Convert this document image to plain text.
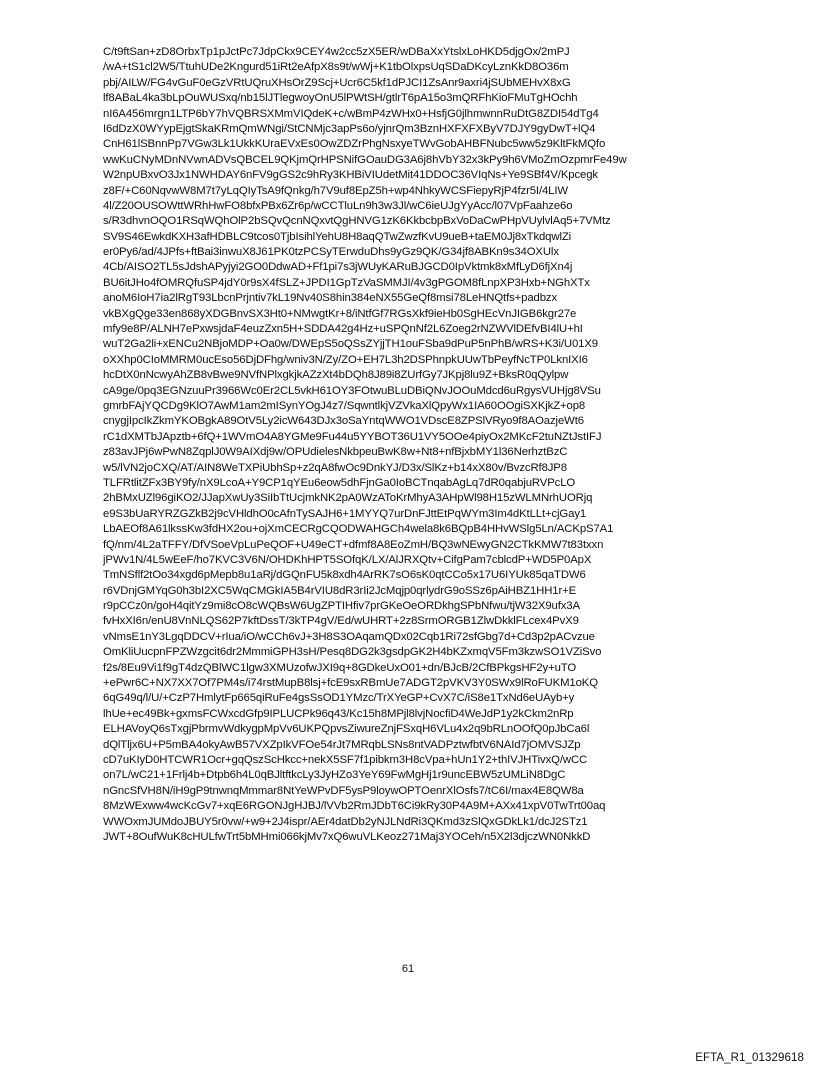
C/t9ftSan+zD8OrbxTp1pJctPc7JdpCkx9CEY4w2cc5zX5ER/wDBaXxYtslxLoHKD5djgOx/2mPJ
/wA+tS1cl2W5/TtuhUDe2Kngurd51iRt2eAfpX8s9t/wWj+K1tbOlxpsUqSDaDKcyLznKkD8O36m
pbj/AILW/FG4vGuF0eGzVRtUQruXHsOrZ9Scj+Ucr6C5kf1dPJCI1ZsAnr9axri4jSUbMEHvX8xG
lf8ABaL4ka3bLpOuWUSxq/nb15lJTlegwoyOnU5lPWtSH/gtlrT6pA15o3mQRFhKioFMuTgHOchh
nI6A456mrgn1LTP6bY7hVQBRSXMmVIQdeK+c/wBmP4zWHx0+HsfjG0jlhmwnnRuDtG8ZDI54dTg4
I6dDzX0WYypEjgtSkaKRmQmWNgi/StCNMjc3apPs6o/yjnrQm3BznHXFXFXByV7DJY9gyDwT+lQ4
CnH61lSBnnPp7VGw3Lk1UkkKUraEVxEs0OwZDZrPhgNsxyeTWvGobAHBFNubc5ww5z9KltFkMQfo
wwKuCNyMDnNVwnADVsQBCEL9QKjmQrHPSNifGOauDG3A6j8hVbY32x3kPy9h6VMoZmOzpmrFe49w
W2npUBxvO3Jx1NWHDAY6nFV9gGS2c9hRy3KHBiVIUdetMit41DDOC36VIqNs+Ye9SBf4V/Kpcegk
z8F/+C60NqvwW8M7t7yLqQIyTsA9fQnkg/h7V9uf8EpZ5h+wp4NhkyWCSFiepyRjP4fzr5I/4LIW
4l/Z20OUSOWttWRhHwFO8bfxPBx6Zr6p/wCCTluLn9h3w3Jl/wC6ieUJgYyAcc/l07VpFaahze6o
s/R3dhvnOQO1RSqWQhOlP2bSQvQcnNQxvtQgHNVG1zK6KkbcbpBxVoDaCwPHpVUylvlAq5+7VMtz
SV9S46EwkdKXH3afHDBLC9tcos0TjbIsihlYehU8H8aqQTwZwzfKvU9ueB+taEM0Jj8xTkdqwlZi
er0Py6/ad/4JPfs+ftBai3inwuX8J61PK0tzPCSyTErwduDhs9yGz9QK/G34jf8ABKn9s34OXUlx
4Cb/AISO2TL5sJdshAPyjyi2GO0DdwAD+Ff1pi7s3jWUyKARuBJGCD0IpVktmk8xMfLyD6fjXn4j
BU6itJHo4fOMRQfuSP4jdY0r9sX4fSLZ+JPDI1GpTzVaSMMJI/4v3gPGOM8fLnpXP3Hxb+NGhXTx
anoM6IoH7ia2lRgT93LbcnPrjntiv7kL19Nv40S8hin384eNX55GeQf8msi78LeHNQtfs+padbzx
vkBXgQge33en868yXDGBnvSX3Ht0+NMwgtKr+8/iNtfGf7RGsXkf9ieHb0SgHEcVnJIGB6kgr27e
mfy9e8P/ALNH7ePxwsjdaF4euzZxn5H+SDDA42g4Hz+uSPQnNf2L6Zoeg2rNZWVlDEfvBI4lU+hI
wuT2Ga2li+xENCu2NBjoMDP+Oa0w/DWEpS5oQSsZYjjTH1ouFSba9dPuP5nPhB/wRS+K3i/U01X9
oXXhp0CIoMMRM0ucEso56DjDFhg/wniv3N/Zy/ZO+EH7L3h2DSPhnpkUUwTbPeyfNcTP0LknIXI6
hcDtX0nNcwyAhZB8vBwe9NVfNPlxgkjkAZzXt4bDQh8J89i8ZUrfGy7JKpj8lu9Z+BksR0qQylpw
cA9ge/0pq3EGNzuuPr3966Wc0Er2CL5vkH61OY3FOtwuBLuDBiQNvJOOuMdcd6uRgysVUHjg8VSu
gmrbFAjYQCDg9KlO7AwM1am2mISynYOgJ4z7/SqwntlkjVZVkaXlQpyWx1IA60OOgiSXKjkZ+op8
cnygjIpcIkZkmYKOBgkA89OtV5Ly2icW643DJx3oSaYntqWWO1VDscE8ZPSlVRyo9f8AOazjeWt6
rC1dXMTbJApztb+6fQ+1WVmO4A8YGMe9Fu44u5YYBOT36U1VY5OOe4piyOx2MKcF2tuNZtJstIFJ
z83avJPj6wPwN8ZqplJ0W9AIXdj9w/OPUdielesNkbpeuBwK8w+Nt8+nfBjxbMY1l36NerhztBzC
w5/lVN2joCXQ/AT/AIN8WeTXPiUbhSp+z2qA8fwOc9DnkYJ/D3x/SlKz+b14xX80v/BvzcRf8JP8
TLFRtlitZFx3BY9fy/nX9LcoA+Y9CP1qYEu6eow5dhFjnGa0IoBCTnqabAgLq7dR0qabjuRVPcLO
2hBMxUZl96giKO2/JJapXwUy3SiIbTtUcjmkNK2pA0WzAToKrMhyA3AHpWl98H15zWLMNrhUORjq
e9S3bUaRYRZGZkB2j9cVHldhO0cAfnTySAJH6+1MYYQ7urDnFJttEtPqWYm3Im4dKtLLt+cjGay1
LbAEOf8A61lkssKw3fdHX2ou+ojXmCECRgCQODWAHGCh4wela8k6BQpB4HHvWSlg5Ln/ACKpS7A1
fQ/nm/4L2aTFFY/DfVSoeVpLuPeQOF+U49eCT+dfmf8A8EoZmH/BQ3wNEwyGN2CTkKMW7t83txxn
jPWv1N/4L5wEeF/ho7KVC3V6N/OHDKhHPT5SOfqK/LX/AlJRXQtv+CifgPam7cblcdP+WD5P0ApX
TmNSflf2tOo34xgd6pMepb8u1aRj/dGQnFU5k8xdh4ArRK7sO6sK0qtCCo5x17U6IYUk85qaTDW6
r6VDnjGMYqG0h3bI2XC5WqCMGkIA5B4rVIU8dR3rIi2JcMqjp0qrlydrG9oSSz6pAiHBZ1HH1r+E
r9pCCz0n/goH4qitYz9mi8cO8cWQBsW6UgZPTIHfiv7prGKeOeORDkhgSPbNfwu/tjW32X9ufx3A
fvHxXI6n/enU8VnNLQS62P7kftDssT/3kTP4gV/Ed/wUHRT+2z8SrmORGB1ZlwDkklFLcex4PvX9
vNmsE1nY3LgqDDCV+rIua/iO/wCCh6vJ+3H8S3OAqamQDx02Cqb1Ri72sfGbg7d+Cd3p2pACvzue
OmKliUucpnFPZWzgcit6dr2MmmiGPH3sH/Pesq8DG2k3gsdpGK2H4bKZxmqV5Fm3kzwSO1VZiSvo
f2s/8Eu9Vi1f9gT4dzQBlWC1lgw3XMUzofwJXI9q+8GDkeUxO01+dn/BJcB/2CfBPkgsHF2y+uTO
+ePwr6C+NX7XX7Of7PM4s/i74rstMupB8lsj+fcE9sxRBmUe7ADGT2pVKV3Y0SWx9lRoFUKM1oKQ
6qG49q/l/U/+CzP7HmlytFp665qiRuFe4gsSsOD1YMzc/TrXYeGP+CvX7C/iS8e1TxNd6eUAyb+y
lhUe+ec49Bk+gxmsFCWxcdGfp9IPLUCPk96q43/Kc15h8MPjl8lvjNocfiD4WeJdP1y2kCkm2nRp
ELHAVoyQ6sTxgjPbrmvWdkygpMpVv6UKPQpvsZiwureZnjFSxqH6VLu4x2q9bRLnOOfQ0pJbCa6l
dQlTljx6U+P5mBA4okyAwB57VXZpIkVFOe54rJt7MRqbLSNs8ntVADPztwfbtV6NAId7jOMVSJZp
cD7uKIyD0HTCWR1Ocr+gqQszScHkcc+nekX5SF7f1pibkm3H8cVpa+hUn1Y2+thIVJHTivxQ/wCC
on7L/wC21+1Frlj4b+Dtpb6h4L0qBJltftkcLy3JyHZo3YeY69FwMgHj1r9uncEBW5zUMLiN8DgC
nGncSfVH8N/iH9gP9tnwnqMmmar8NtYeWPvDF5ysP9loywOPTOenrXlOsfs7/tC6I/max4E8QW8a
8MzWExww4wcKcGv7+xqE6RGONJgHJBJ/lVVb2RmJDbT6Ci9kRy30P4A9M+AXx41xpV0TwTrt00aq
WWOxmJUMdoJBUY5r0vw/+w9+2J4ispr/AEr4datDb2yNJLNdRi3QKmd3zSlQxGDkLk1/dcJ2STz1
JWT+8OufWuK8cHULfwTrt5bMHmi066kjMv7xQ6wuVLKeoz271Maj3YOCeh/n5X2l3djczWN0NkkD
61
EFTA_R1_01329618
